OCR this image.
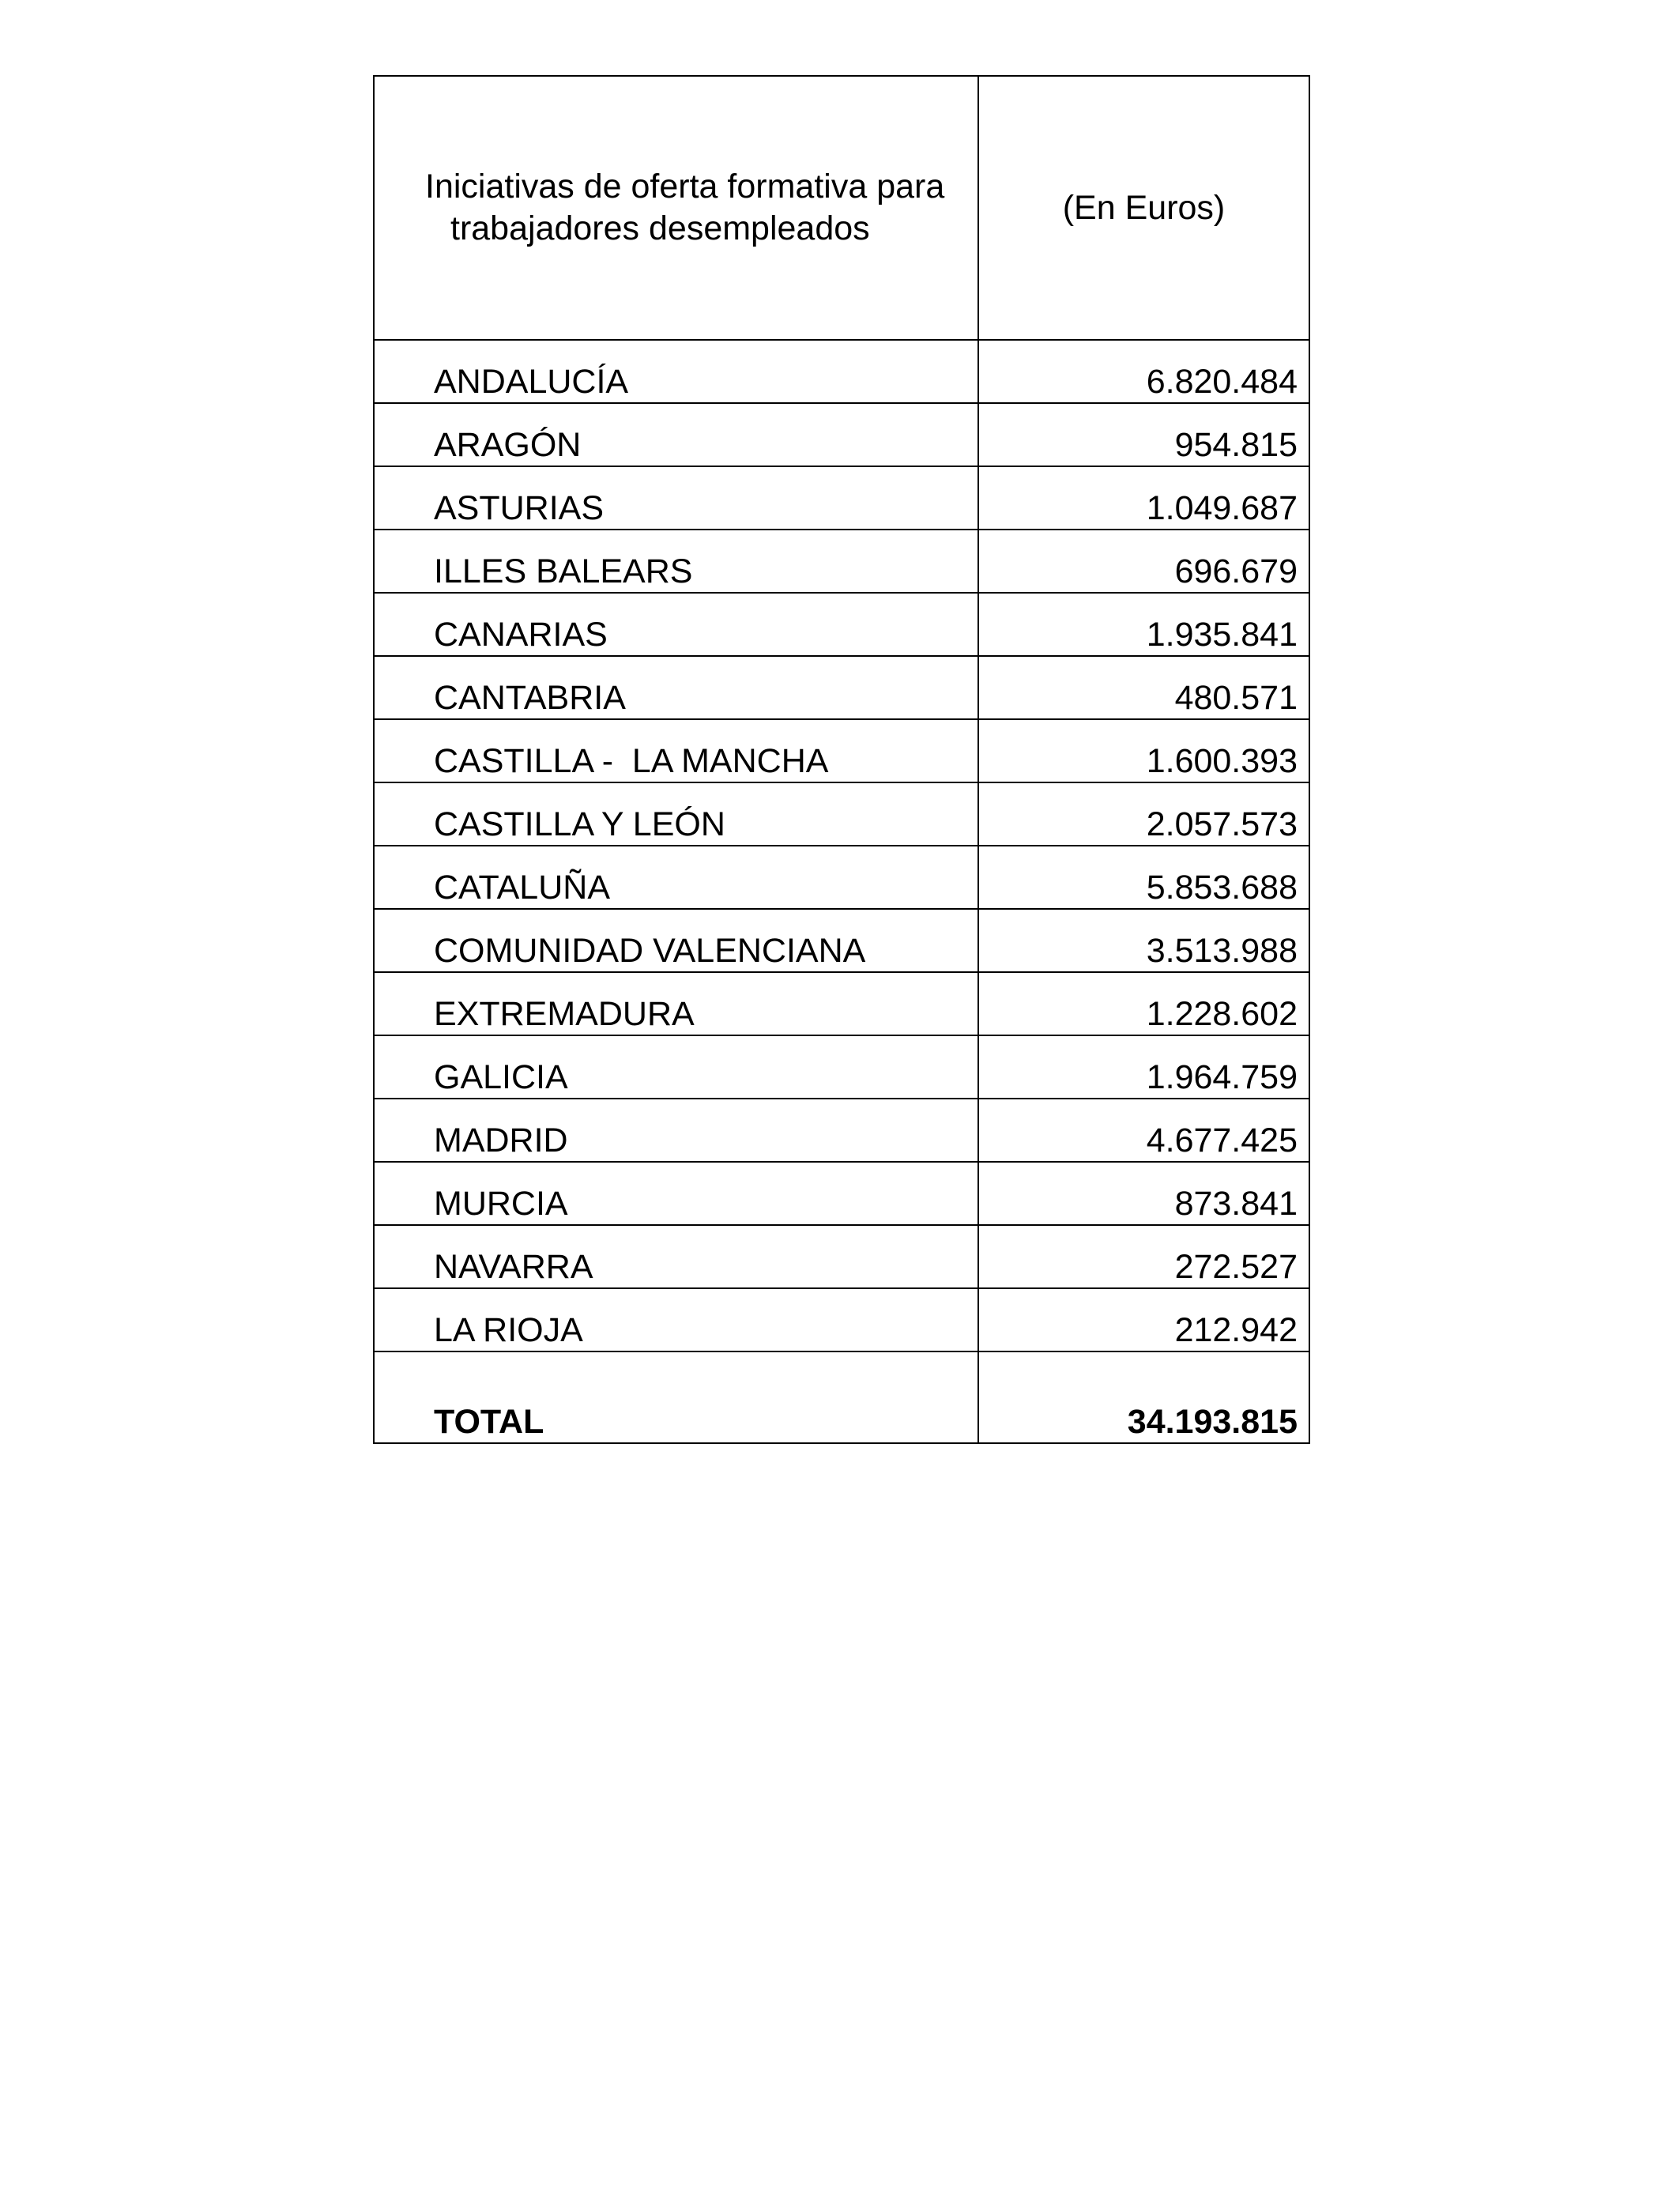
Iniciativas de oferta formativa para
trabajadores desempleados	(En Euros)
ANDALUCÍA	6.820.484
ARAGÓN	954.815
ASTURIAS	1.049.687
ILLES BALEARS	696.679
CANARIAS	1.935.841
CANTABRIA	480.571
CASTILLA -  LA MANCHA	1.600.393
CASTILLA Y LEÓN	2.057.573
CATALUÑA	5.853.688
COMUNIDAD VALENCIANA	3.513.988
EXTREMADURA	1.228.602
GALICIA	1.964.759
MADRID	4.677.425
MURCIA	873.841
NAVARRA	272.527
LA RIOJA	212.942
TOTAL	34.193.815
